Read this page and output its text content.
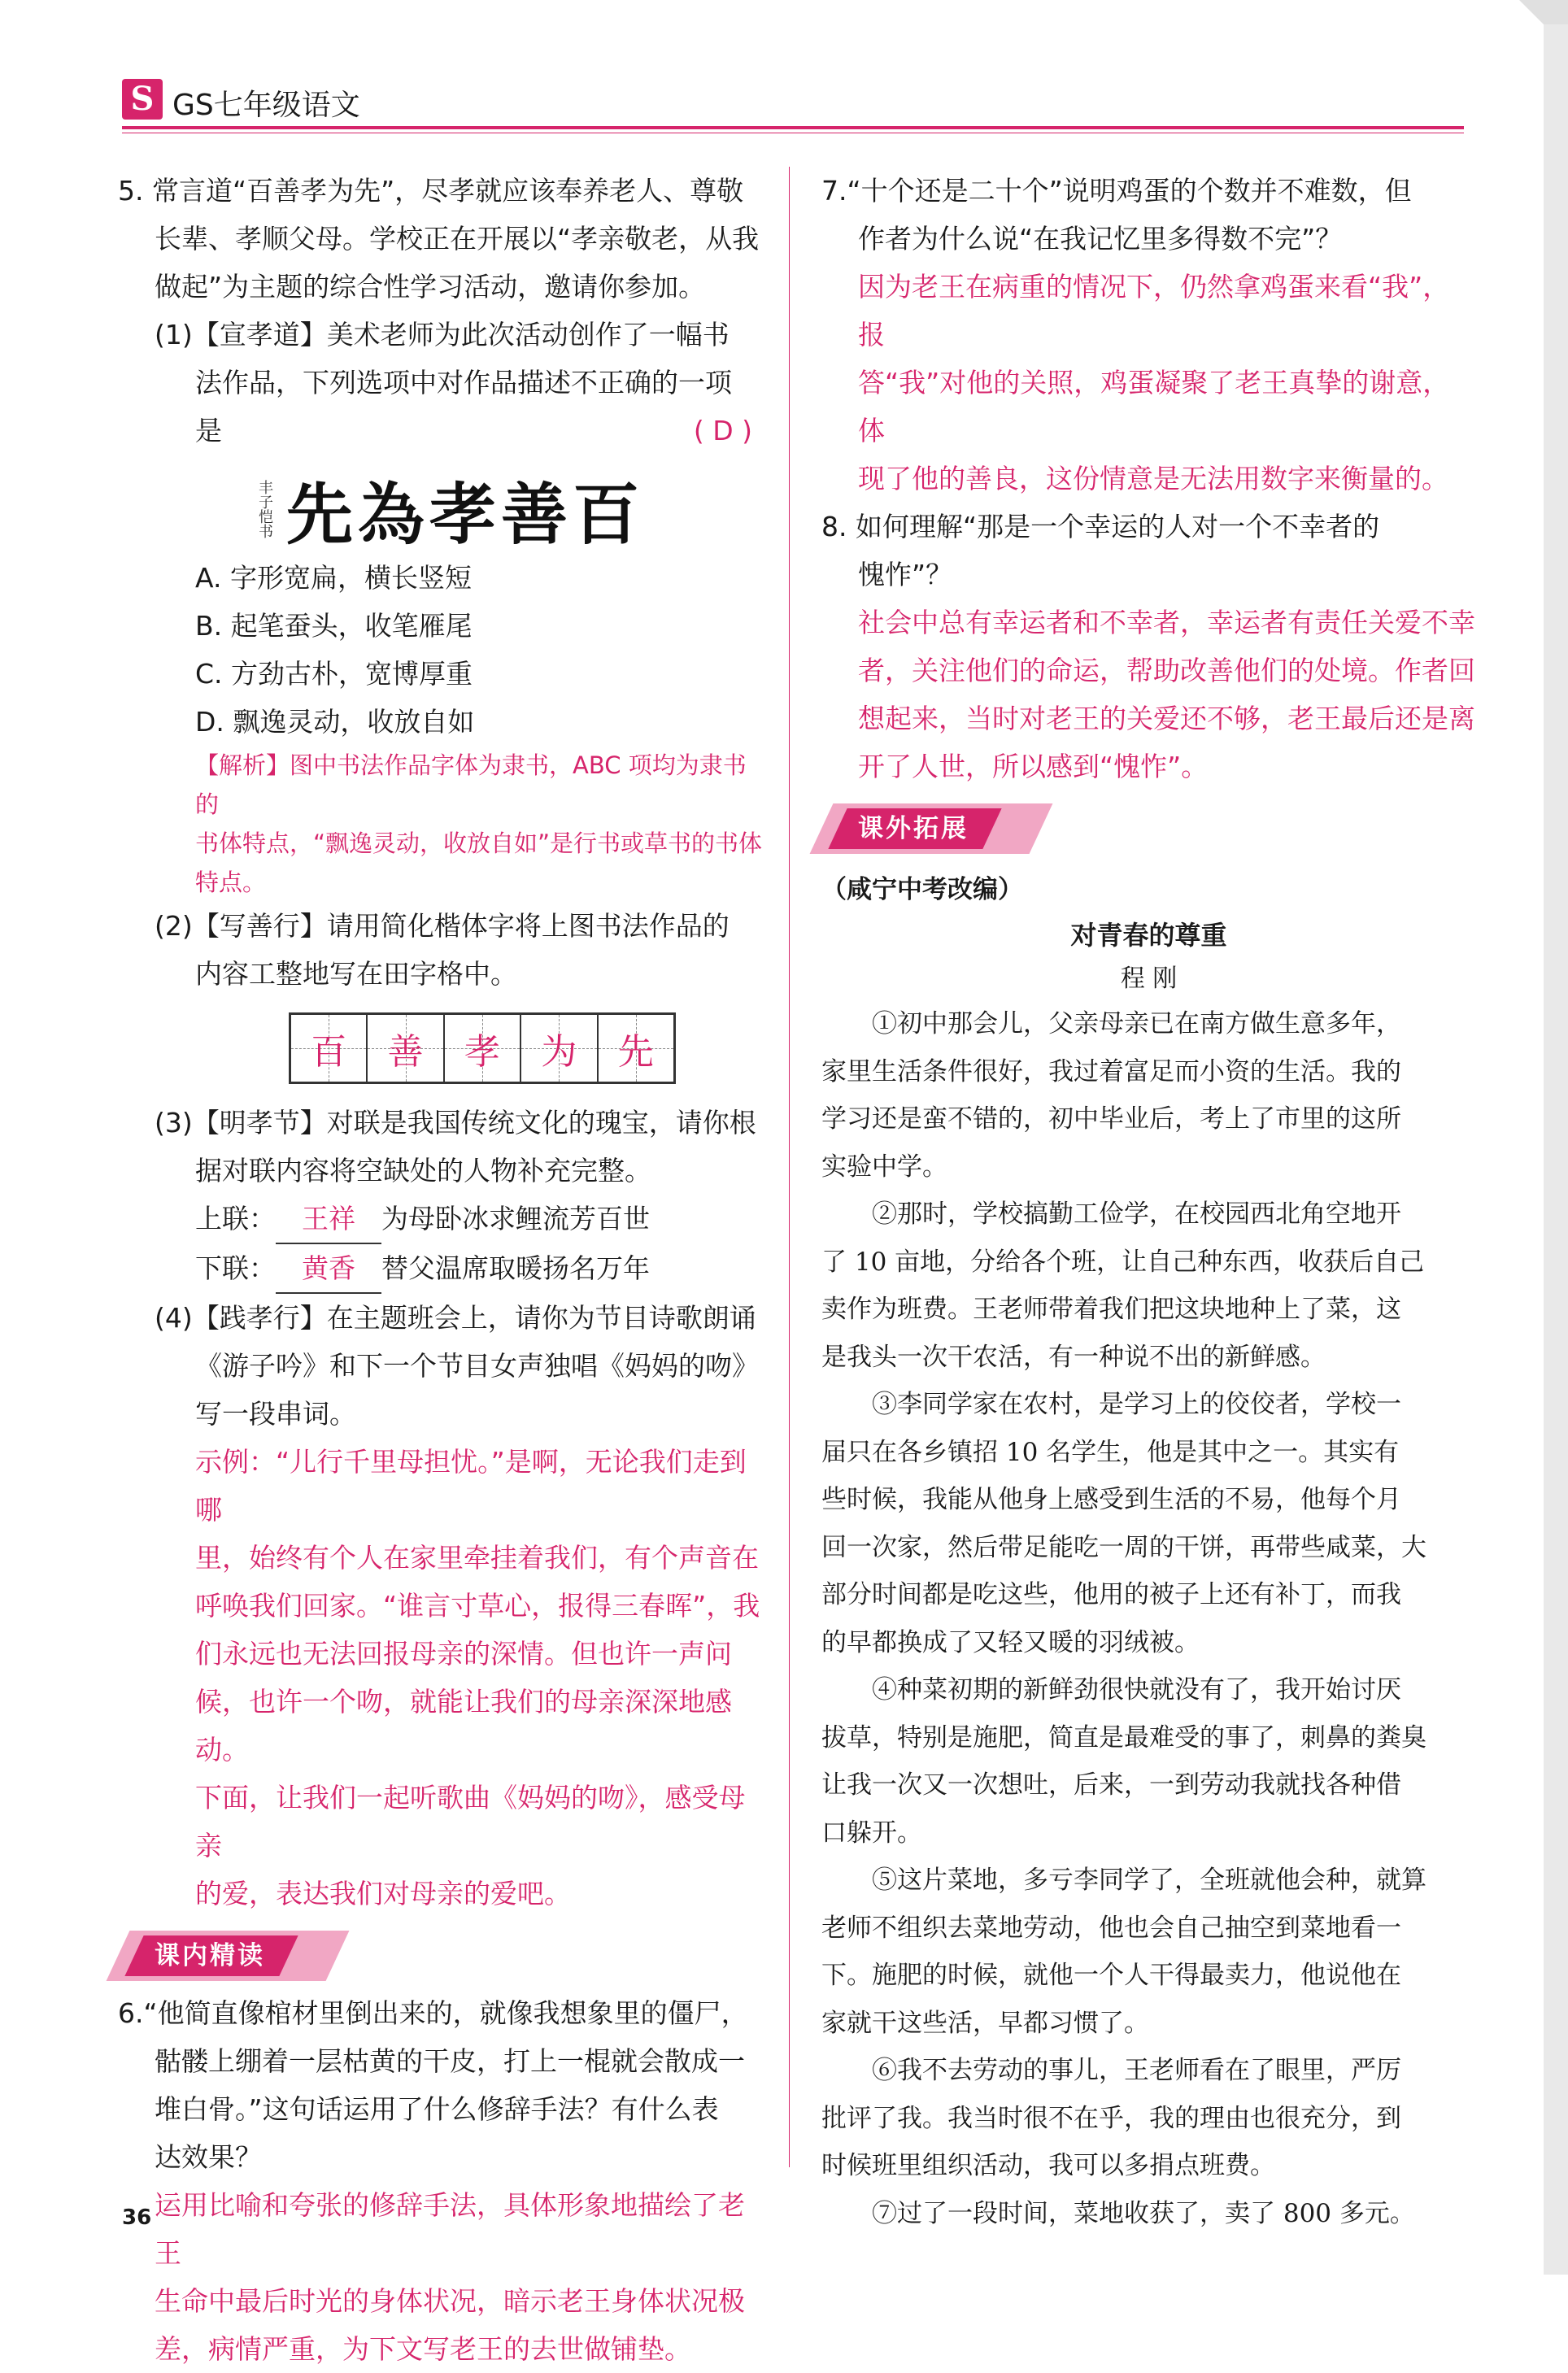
S GS七年级语文

5. 常言道“百善孝为先”，尽孝就应该奉养老人、尊敬

长辈、孝顺父母。学校正在开展以“孝亲敬老，从我

做起”为主题的综合性学习活动，邀请你参加。

(1)【宣孝道】美术老师为此次活动创作了一幅书

法作品，下列选项中对作品描述不正确的一项

是	( D )

丰子恺书 先為孝善百

A. 字形宽扁，横长竖短

B. 起笔蚕头，收笔雁尾

C. 方劲古朴，宽博厚重

D. 飘逸灵动，收放自如

【解析】图中书法作品字体为隶书，ABC 项均为隶书的

书体特点，“飘逸灵动，收放自如”是行书或草书的书体

特点。

(2)【写善行】请用简化楷体字将上图书法作品的

内容工整地写在田字格中。

百 善 孝 为 先

(3)【明孝节】对联是我国传统文化的瑰宝，请你根

据对联内容将空缺处的人物补充完整。

上联： 王祥 为母卧冰求鲤流芳百世

下联： 黄香 替父温席取暖扬名万年

(4)【践孝行】在主题班会上，请你为节目诗歌朗诵

《游子吟》和下一个节目女声独唱《妈妈的吻》

写一段串词。

示例：“儿行千里母担忧。”是啊，无论我们走到哪

里，始终有个人在家里牵挂着我们，有个声音在

呼唤我们回家。“谁言寸草心，报得三春晖”，我

们永远也无法回报母亲的深情。但也许一声问

候，也许一个吻，就能让我们的母亲深深地感动。

下面，让我们一起听歌曲《妈妈的吻》，感受母亲

的爱，表达我们对母亲的爱吧。

课内精读

6.“他简直像棺材里倒出来的，就像我想象里的僵尸，

骷髅上绷着一层枯黄的干皮，打上一棍就会散成一

堆白骨。”这句话运用了什么修辞手法？有什么表

达效果？

运用比喻和夸张的修辞手法，具体形象地描绘了老王

生命中最后时光的身体状况，暗示老王身体状况极

差，病情严重，为下文写老王的去世做铺垫。

7.“十个还是二十个”说明鸡蛋的个数并不难数，但

作者为什么说“在我记忆里多得数不完”？

因为老王在病重的情况下，仍然拿鸡蛋来看“我”，报

答“我”对他的关照，鸡蛋凝聚了老王真挚的谢意，体

现了他的善良，这份情意是无法用数字来衡量的。

8. 如何理解“那是一个幸运的人对一个不幸者的

愧怍”？

社会中总有幸运者和不幸者，幸运者有责任关爱不幸

者，关注他们的命运，帮助改善他们的处境。作者回

想起来，当时对老王的关爱还不够，老王最后还是离

开了人世，所以感到“愧怍”。

课外拓展

（咸宁中考改编）

对青春的尊重

程 刚

①初中那会儿，父亲母亲已在南方做生意多年，

家里生活条件很好，我过着富足而小资的生活。我的

学习还是蛮不错的，初中毕业后，考上了市里的这所

实验中学。

②那时，学校搞勤工俭学，在校园西北角空地开

了 10 亩地，分给各个班，让自己种东西，收获后自己

卖作为班费。王老师带着我们把这块地种上了菜，这

是我头一次干农活，有一种说不出的新鲜感。

③李同学家在农村，是学习上的佼佼者，学校一

届只在各乡镇招 10 名学生，他是其中之一。其实有

些时候，我能从他身上感受到生活的不易，他每个月

回一次家，然后带足能吃一周的干饼，再带些咸菜，大

部分时间都是吃这些，他用的被子上还有补丁，而我

的早都换成了又轻又暖的羽绒被。

④种菜初期的新鲜劲很快就没有了，我开始讨厌

拔草，特别是施肥，简直是最难受的事了，刺鼻的粪臭

让我一次又一次想吐，后来，一到劳动我就找各种借

口躲开。

⑤这片菜地，多亏李同学了，全班就他会种，就算

老师不组织去菜地劳动，他也会自己抽空到菜地看一

下。施肥的时候，就他一个人干得最卖力，他说他在

家就干这些活，早都习惯了。

⑥我不去劳动的事儿，王老师看在了眼里，严厉

批评了我。我当时很不在乎，我的理由也很充分，到

时候班里组织活动，我可以多捐点班费。

⑦过了一段时间，菜地收获了，卖了 800 多元。

36
